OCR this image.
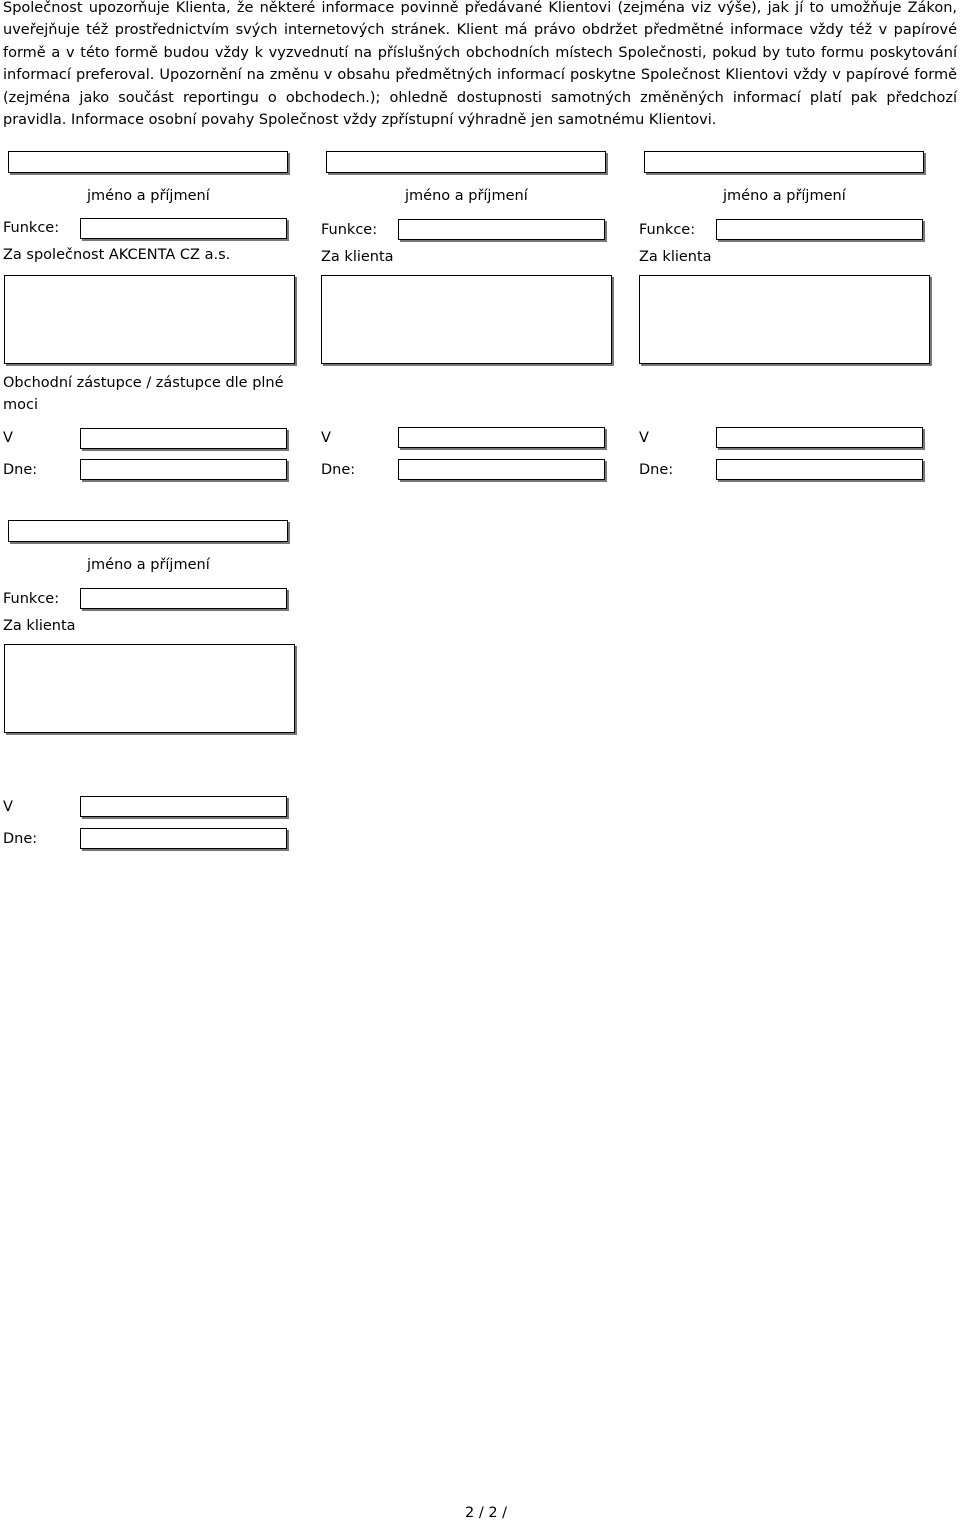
Společnost upozorňuje Klienta, že některé informace povinně předávané Klientovi (zejména viz výše), jak jí to umožňuje Zákon, uveřejňuje též prostřednictvím svých internetových stránek. Klient má právo obdržet předmětné informace vždy též v papírové formě a v této formě budou vždy k vyzvednutí na příslušných obchodních místech Společnosti, pokud by tuto formu poskytování informací preferoval. Upozornění na změnu v obsahu předmětných informací poskytne Společnost Klientovi vždy v papírové formě (zejména jako součást reportingu o obchodech.); ohledně dostupnosti samotných změněných informací platí pak předchozí pravidla. Informace osobní povahy Společnost vždy zpřístupní výhradně jen samotnému Klientovi.

jméno a příjmení
Funkce:
Za společnost AKCENTA CZ a.s.
Obchodní zástupce / zástupce dle plné moci
V
Dne:
jméno a příjmení
Funkce:
Za klienta
V
Dne:
jméno a příjmení
Funkce:
Za klienta
V
Dne:
jméno a příjmení
Funkce:
Za klienta
V
Dne:
2 / 2 /
